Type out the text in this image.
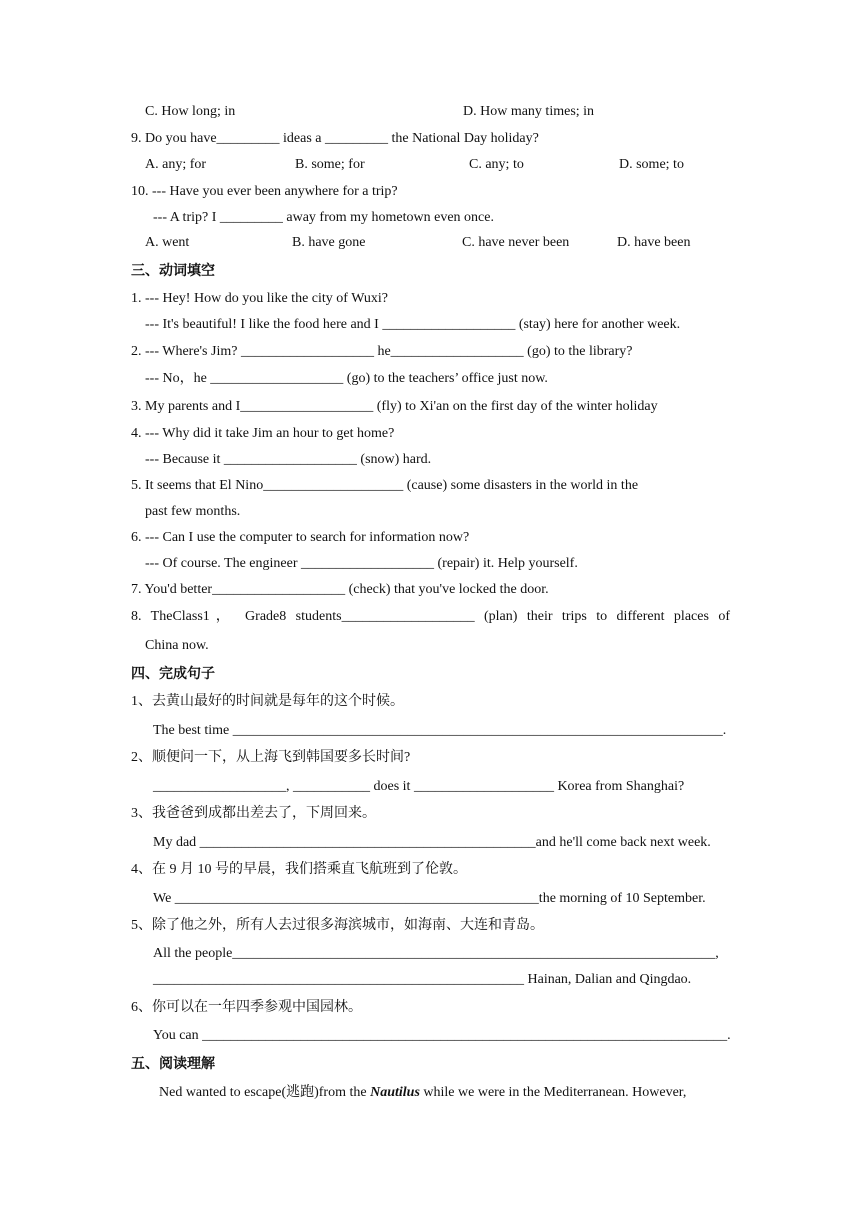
C. How long; in	D. How many times; in
9. Do you have_________ ideas a _________ the National Day holiday?
A. any; for	B. some; for	C. any; to	D. some; to
10. --- Have you ever been anywhere for a trip?
--- A trip? I _________ away from my hometown even once.
A. went	B. have gone	C. have never been	D. have been
三、动词填空
1. --- Hey! How do you like the city of Wuxi?
--- It's beautiful! I like the food here and I ___________________ (stay) here for another week.
2. --- Where's Jim? ___________________ he___________________ (go) to the library?
--- No，he ___________________ (go) to the teachers’ office just now.
3. My parents and I___________________ (fly) to Xi'an on the first day of the winter holiday
4. --- Why did it take Jim an hour to get home?
--- Because it ___________________ (snow) hard.
5. It seems that El Nino____________________ (cause) some disasters in the world in the
past few months.
6. --- Can I use the computer to search for information now?
--- Of course. The engineer ___________________ (repair) it. Help yourself.
7. You'd better___________________ (check) that you've locked the door.
8. TheClass1， Grade8 students___________________ (plan) their trips to different places of
China now.
四、完成句子
1、去黄山最好的时间就是每年的这个时候。
The best time ______________________________________________________________________.
2、顺便问一下，从上海飞到韩国要多长时间?
___________________, ___________ does it ____________________ Korea from Shanghai?
3、我爸爸到成都出差去了，下周回来。
My dad ________________________________________________and he'll come back next week.
4、在 9 月 10 号的早晨，我们搭乘直飞航班到了伦敦。
We ____________________________________________________the morning of 10 September.
5、除了他之外，所有人去过很多海滨城市，如海南、大连和青岛。
All the people_____________________________________________________________________,
_____________________________________________________ Hainan, Dalian and Qingdao.
6、你可以在一年四季参观中国园林。
You can ___________________________________________________________________________.
五、阅读理解
Ned wanted to escape(逃跑)from the Nautilus while we were in the Mediterranean. However,
